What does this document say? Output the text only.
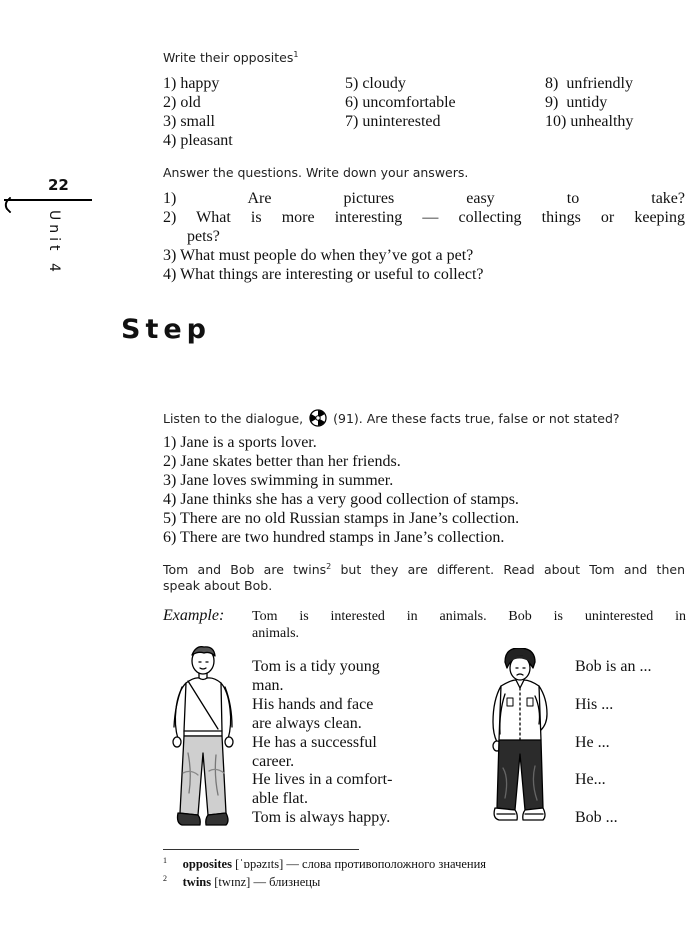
22
Unit 4
Write their opposites$^1$
1) happy
2) old
3) small
4) pleasant
5) cloudy
6) uncomfortable
7) uninterested
8) unfriendly
9) untidy
10) unhealthy
Answer the questions. Write down your answers.
1) Are pictures easy to take?
2) What is more interesting — collecting things or keeping
pets?
3) What must people do when they’ve got a pet?
4) What things are interesting or useful to collect?
Step
Listen to the dialogue, (91). Are these facts true, false or not stated?
1) Jane is a sports lover.
2) Jane skates better than her friends.
3) Jane loves swimming in summer.
4) Jane thinks she has a very good collection of stamps.
5) There are no old Russian stamps in Jane’s collection.
6) There are two hundred stamps in Jane’s collection.
Tom and Bob are twins$^2$ but they are different. Read about Tom and then
speak about Bob.
Example: Tom is interested in animals. Bob is uninterested in
animals.
Tom is a tidy young
man.
His hands and face
are always clean.
He has a successful
career.
He lives in a comfort-
able flat.
Tom is always happy.
Bob is an ...
His ...
He ...
He...
Bob ...
$^1$ opposites [ˈɒpəzɪts] — слова противоположного значения
$^2$ twins [twɪnz] — близнецы
